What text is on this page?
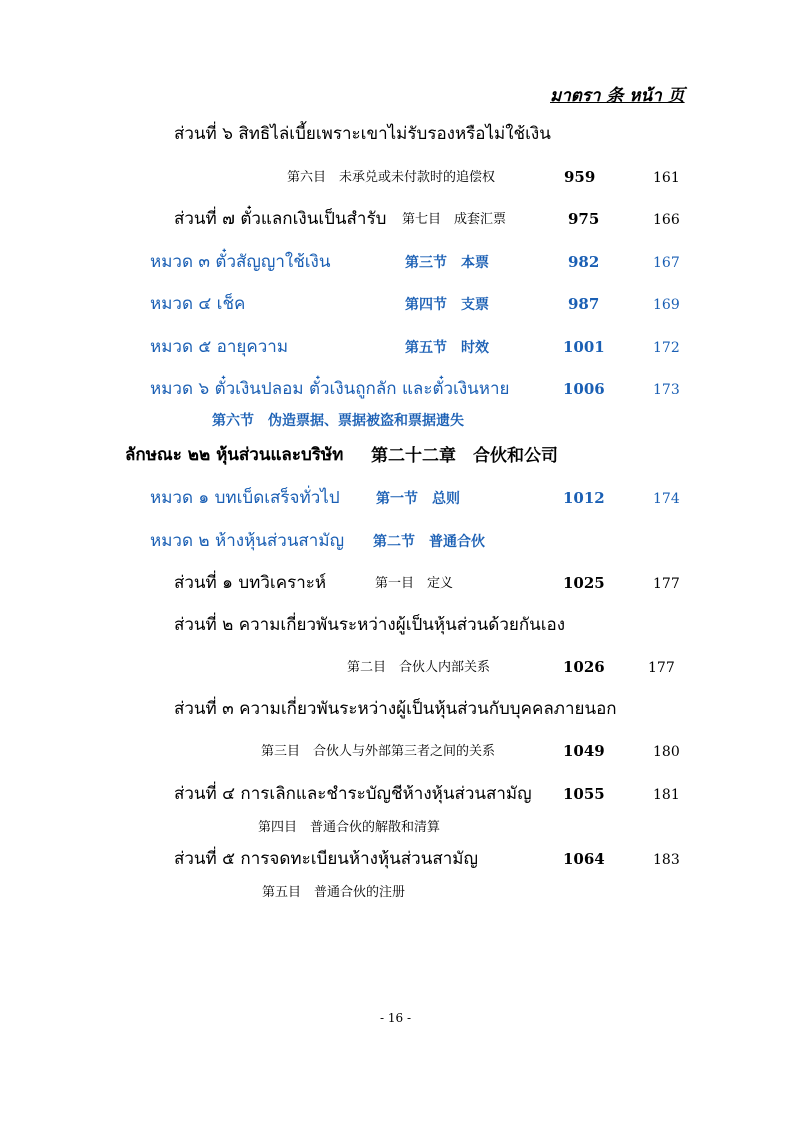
มาตรา 条 หน้า 页
ส่วนที่ ๖ สิทธิไล่เบี้ยเพราะเขาไม่รับรองหรือไม่ใช้เงิน
第六目　未承兑或未付款时的追偿权	959	161
ส่วนที่ ๗ ตั๋วแลกเงินเป็นสำรับ 第七目　成套汇票	975	166
หมวด ๓ ตั๋วสัญญาใช้เงิน	第三节　本票	982	167
หมวด ๔ เช็ค	第四节　支票	987	169
หมวด ๕ อายุความ	第五节　时效	1001	172
หมวด ๖ ตั๋วเงินปลอม ตั๋วเงินถูกลัก และตั๋วเงินหาย	1006	173
第六节　伪造票据、票据被盗和票据遗失
ลักษณะ ๒๒ หุ้นส่วนและบริษัท 第二十二章　合伙和公司
หมวด ๑ บทเบ็ดเสร็จทั่วไป	第一节　总则	1012	174
หมวด ๒ ห้างหุ้นส่วนสามัญ 第二节　普通合伙
ส่วนที่ ๑ บทวิเคราะห์	第一目　定义	1025	177
ส่วนที่ ๒ ความเกี่ยวพันระหว่างผู้เป็นหุ้นส่วนด้วยกันเอง
第二目　合伙人内部关系	1026	177
ส่วนที่ ๓ ความเกี่ยวพันระหว่างผู้เป็นหุ้นส่วนกับบุคคลภายนอก
第三目　合伙人与外部第三者之间的关系	1049	180
ส่วนที่ ๔ การเลิกและชำระบัญชีห้างหุ้นส่วนสามัญ 1055	181
第四目　普通合伙的解散和清算
ส่วนที่ ๕ การจดทะเบียนห้างหุ้นส่วนสามัญ	1064	183
第五目　普通合伙的注册
- 16 -
